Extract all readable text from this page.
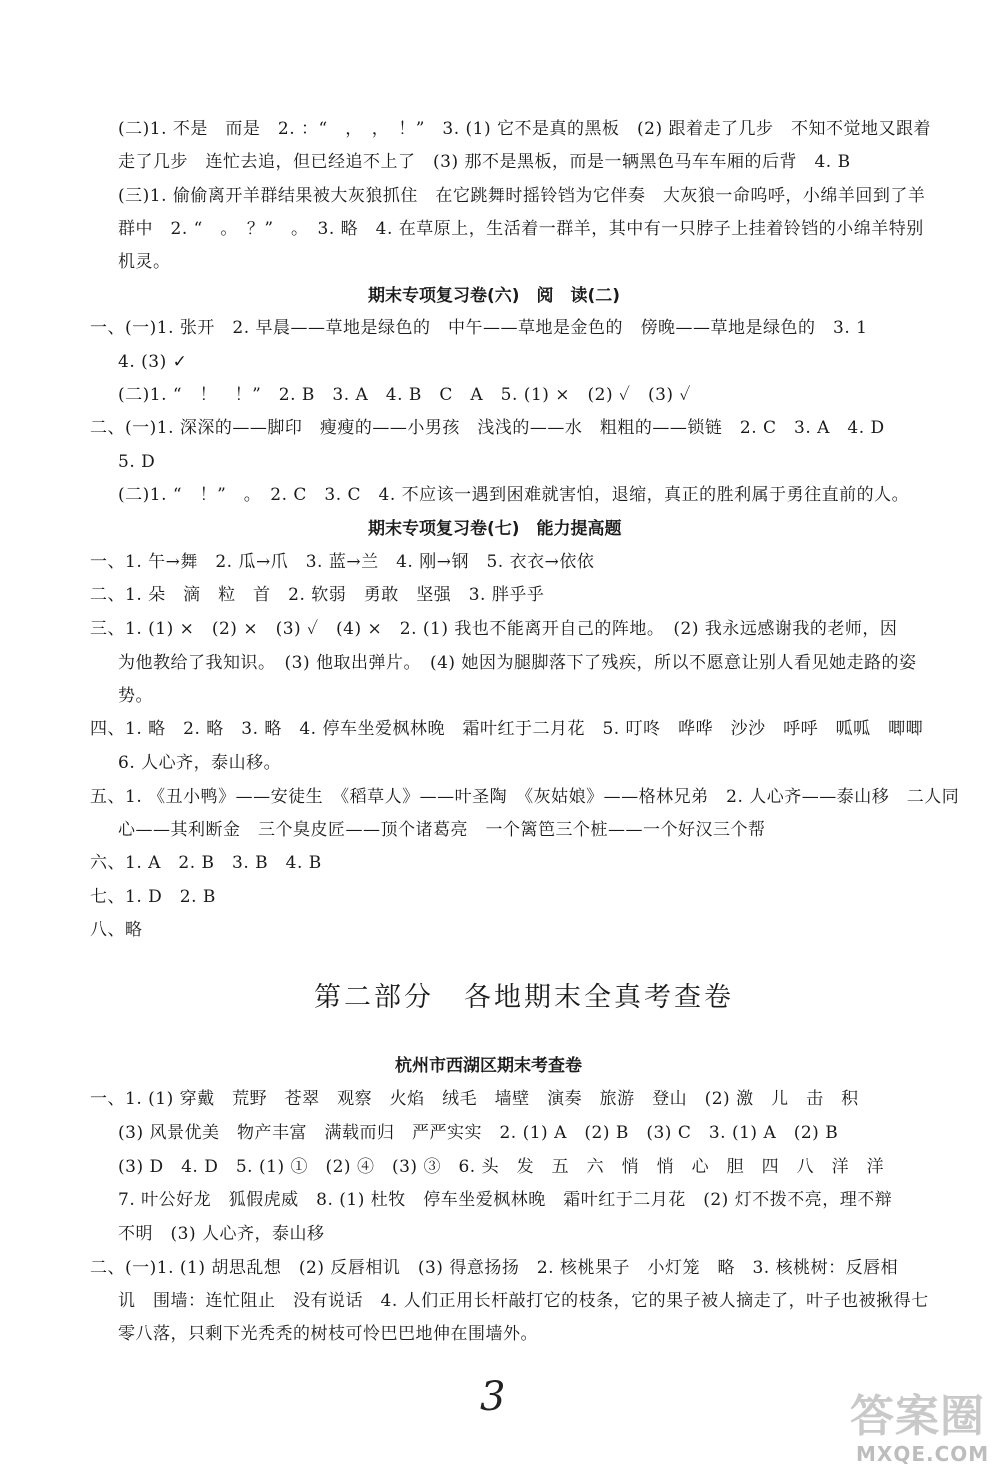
(二)1. 不是　而是　2. ：“　，　，　！”　3. (1) 它不是真的黑板　(2) 跟着走了几步　不知不觉地又跟着
走了几步　连忙去追，但已经追不上了　(3) 那不是黑板，而是一辆黑色马车车厢的后背　4. B
(三)1. 偷偷离开羊群结果被大灰狼抓住　在它跳舞时摇铃铛为它伴奏　大灰狼一命呜呼，小绵羊回到了羊
群中　2. “　。　？”　。　3. 略　4. 在草原上，生活着一群羊，其中有一只脖子上挂着铃铛的小绵羊特别
机灵。
期末专项复习卷(六)　阅　读(二)
一、(一)1. 张开　2. 早晨——草地是绿色的　中午——草地是金色的　傍晚——草地是绿色的　3. 1
4. (3) ✓
(二)1. “　！　！”　2. B　3. A　4. B　C　A　5. (1) ×　(2) ✓　(3) ✓
二、(一)1. 深深的——脚印　瘦瘦的——小男孩　浅浅的——水　粗粗的——锁链　2. C　3. A　4. D
5. D
(二)1. “　！”　。　2. C　3. C　4. 不应该一遇到困难就害怕，退缩，真正的胜利属于勇往直前的人。
期末专项复习卷(七)　能力提高题
一、1. 午→舞　2. 瓜→爪　3. 蓝→兰　4. 刚→钢　5. 衣衣→依依
二、1. 朵　滴　粒　首　2. 软弱　勇敢　坚强　3. 胖乎乎
三、1. (1) ×　(2) ×　(3) ✓　(4) ×　2. (1) 我也不能离开自己的阵地。　(2) 我永远感谢我的老师，因
为他教给了我知识。　(3) 他取出弹片。　(4) 她因为腿脚落下了残疾，所以不愿意让别人看见她走路的姿
势。
四、1. 略　2. 略　3. 略　4. 停车坐爱枫林晚　霜叶红于二月花　5. 叮咚　哗哗　沙沙　呼呼　呱呱　唧唧
6. 人心齐，泰山移。
五、1. 《丑小鸭》——安徒生　《稻草人》——叶圣陶　《灰姑娘》——格林兄弟　2. 人心齐——泰山移　二人同
心——其利断金　三个臭皮匠——顶个诸葛亮　一个篱笆三个桩——一个好汉三个帮
六、1. A　2. B　3. B　4. B
七、1. D　2. B
八、略
第二部分　各地期末全真考查卷
杭州市西湖区期末考查卷
一、1. (1) 穿戴　荒野　苍翠　观察　火焰　绒毛　墙壁　演奏　旅游　登山　(2) 激　儿　击　积
(3) 风景优美　物产丰富　满载而归　严严实实　2. (1) A　(2) B　(3) C　3. (1) A　(2) B
(3) D　4. D　5. (1) ①　(2) ④　(3) ③　6. 头　发　五　六　悄　悄　心　胆　四　八　洋　洋
7. 叶公好龙　狐假虎威　8. (1) 杜牧　停车坐爱枫林晚　霜叶红于二月花　(2) 灯不拨不亮，理不辩
不明　(3) 人心齐，泰山移
二、(一)1. (1) 胡思乱想　(2) 反唇相讥　(3) 得意扬扬　2. 核桃果子　小灯笼　略　3. 核桃树：反唇相
讥　围墙：连忙阻止　没有说话　4. 人们正用长杆敲打它的枝条，它的果子被人摘走了，叶子也被揪得七
零八落，只剩下光秃秃的树枝可怜巴巴地伸在围墙外。
3	答案圈
MXQE.COM
